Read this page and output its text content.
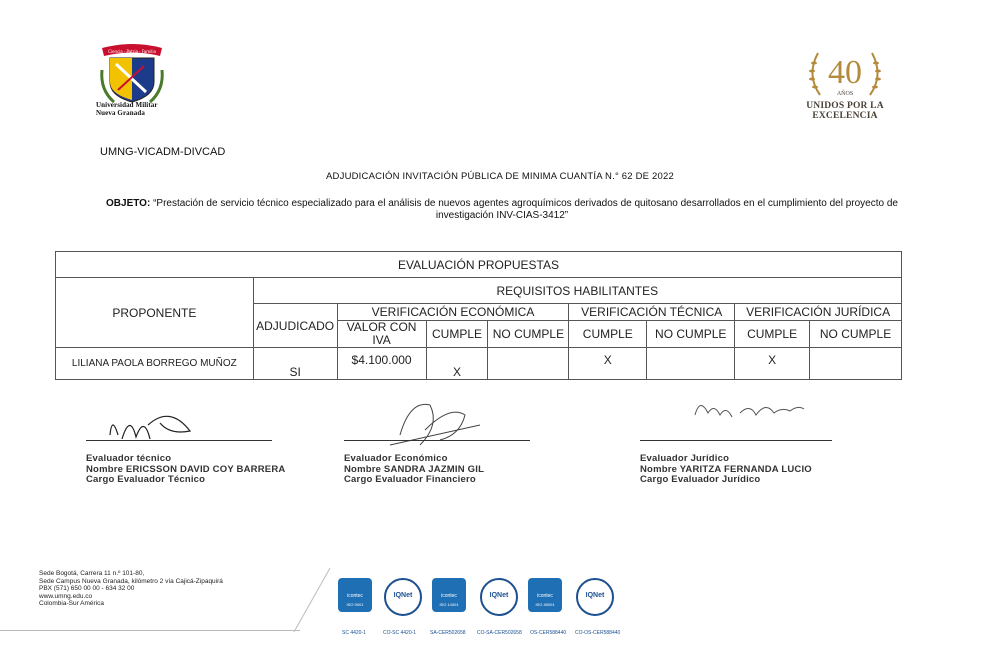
Ciencia · Patria · Familia
Universidad Militar
Nueva Granada
40
AÑOS
UNIDOS POR LA EXCELENCIA
UMNG-VICADM-DIVCAD
ADJUDICACIÓN INVITACIÓN PÚBLICA DE MINIMA CUANTÍA N.° 62 DE 2022
OBJETO: “Prestación de servicio técnico especializado para el análisis de nuevos agentes agroquímicos derivados de quitosano desarrollados en el cumplimiento del proyecto de investigación INV-CIAS-3412”
EVALUACIÓN PROPUESTAS								
PROPONENTE	REQUISITOS HABILITANTES							
	ADJUDICADO	VERIFICACIÓN ECONÓMICA			VERIFICACIÓN TÉCNICA		VERIFICACIÓN JURÍDICA	
		VALOR CON IVA	CUMPLE	NO CUMPLE	CUMPLE	NO CUMPLE	CUMPLE	NO CUMPLE
LILIANA PAOLA BORREGO MUÑOZ	SI	$4.100.000	X		X		X	
Evaluador técnico
Nombre ERICSSON DAVID COY BARRERA
Cargo Evaluador Técnico
Evaluador Económico
Nombre SANDRA JAZMIN GIL
Cargo Evaluador Financiero
Evaluador Jurídico
Nombre YARITZA FERNANDA LUCIO
Cargo Evaluador Jurídico
Sede Bogotá, Carrera 11 n.º 101-80,
Sede Campus Nueva Granada, kilómetro 2 vía Cajicá-Zipaquirá
PBX (571) 650 00 00 - 634 32 00
www.umng.edu.co
Colombia-Sur América
icontec
ISO 9001
IQNet	icontec
ISO 14001
IQNet	icontec
ISO 45001
IQNet
SC 4420-1	CO-SC 4420-1	SA-CER502658 CO-SA-CER502658 OS-CER588440 CO-OS-CER588440
